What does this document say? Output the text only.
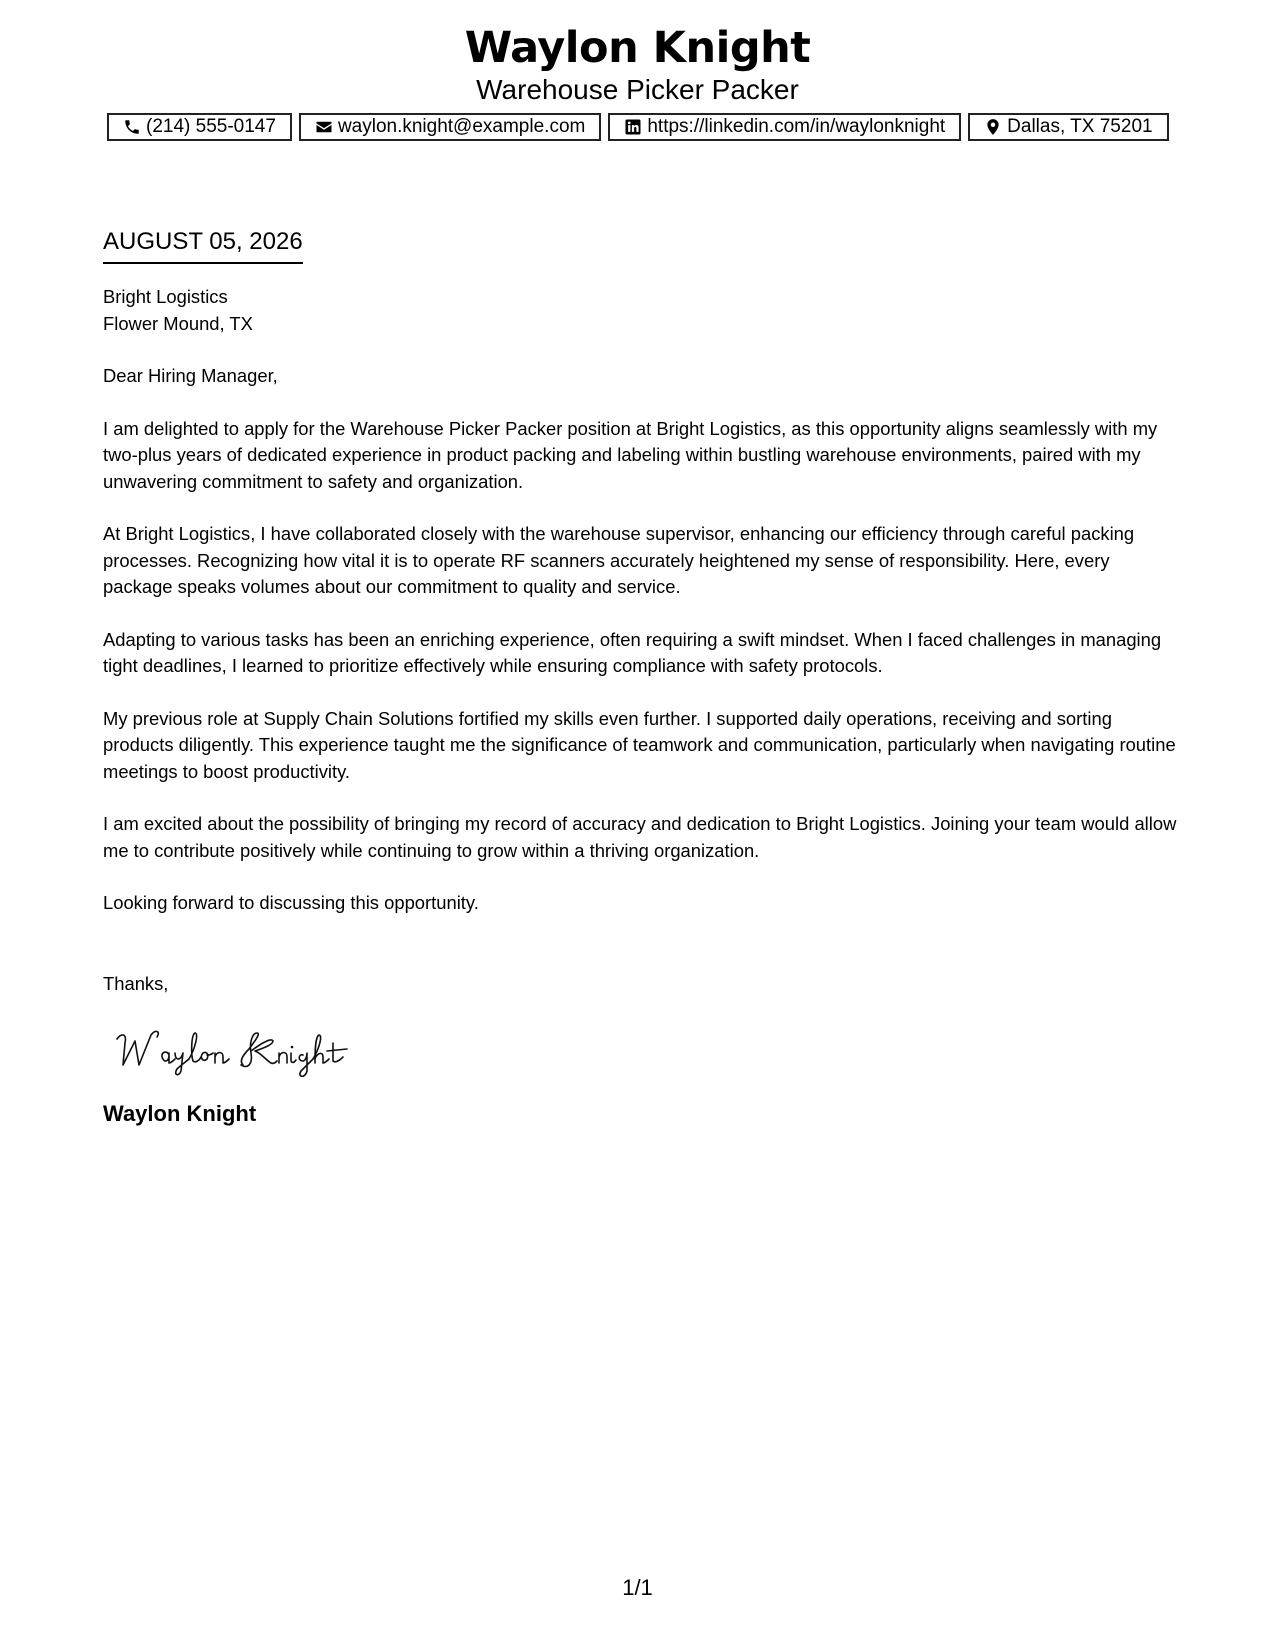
Waylon Knight
Warehouse Picker Packer
(214) 555-0147	waylon.knight@example.com	https://linkedin.com/in/waylonknight	Dallas, TX 75201
AUGUST 05, 2026
Bright Logistics
Flower Mound, TX
Dear Hiring Manager,

I am delighted to apply for the Warehouse Picker Packer position at Bright Logistics, as this opportunity aligns seamlessly with my two-plus years of dedicated experience in product packing and labeling within bustling warehouse environments, paired with my unwavering commitment to safety and organization.

At Bright Logistics, I have collaborated closely with the warehouse supervisor, enhancing our efficiency through careful packing processes. Recognizing how vital it is to operate RF scanners accurately heightened my sense of responsibility. Here, every package speaks volumes about our commitment to quality and service.

Adapting to various tasks has been an enriching experience, often requiring a swift mindset. When I faced challenges in managing tight deadlines, I learned to prioritize effectively while ensuring compliance with safety protocols.

My previous role at Supply Chain Solutions fortified my skills even further. I supported daily operations, receiving and sorting products diligently. This experience taught me the significance of teamwork and communication, particularly when navigating routine meetings to boost productivity.

I am excited about the possibility of bringing my record of accuracy and dedication to Bright Logistics. Joining your team would allow me to contribute positively while continuing to grow within a thriving organization.

Looking forward to discussing this opportunity.

Thanks,
Waylon Knight
1/1
